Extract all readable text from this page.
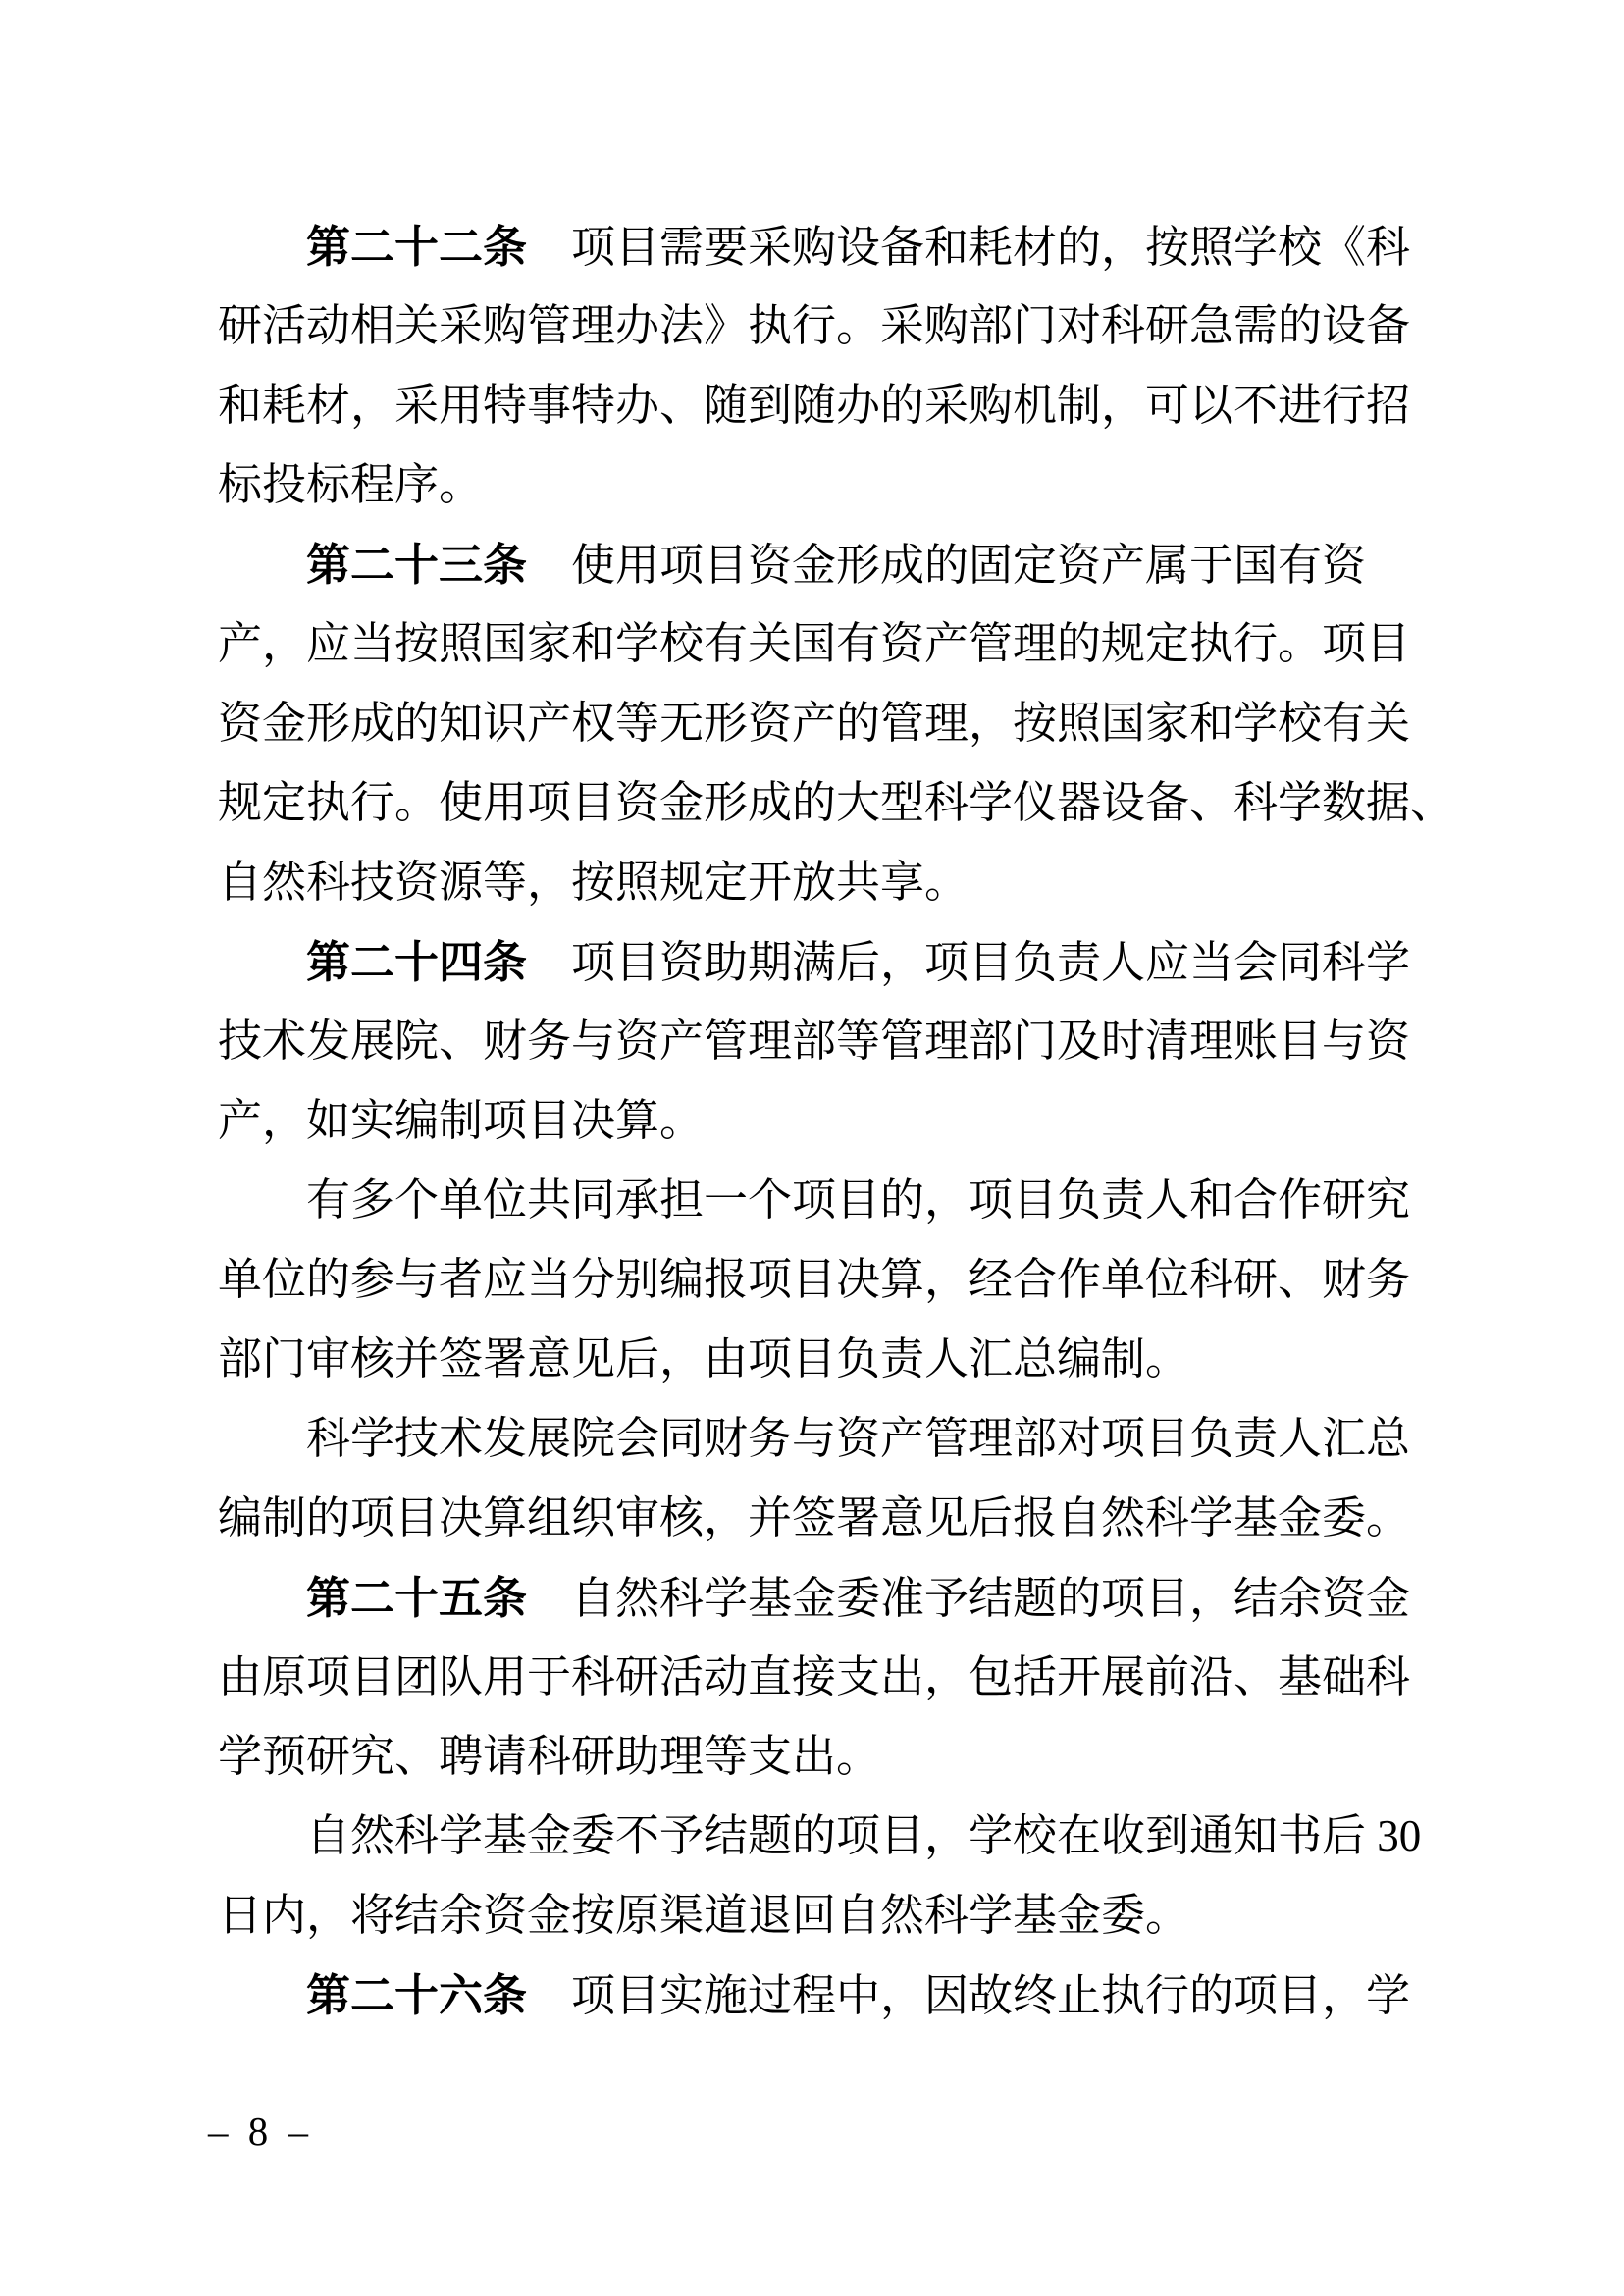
第二十二条 项目需要采购设备和耗材的，按照学校《科
研活动相关采购管理办法》执行。采购部门对科研急需的设备
和耗材，采用特事特办、随到随办的采购机制，可以不进行招
标投标程序。
第二十三条 使用项目资金形成的固定资产属于国有资
产，应当按照国家和学校有关国有资产管理的规定执行。项目
资金形成的知识产权等无形资产的管理，按照国家和学校有关
规定执行。使用项目资金形成的大型科学仪器设备、科学数据、
自然科技资源等，按照规定开放共享。
第二十四条 项目资助期满后，项目负责人应当会同科学
技术发展院、财务与资产管理部等管理部门及时清理账目与资
产，如实编制项目决算。
有多个单位共同承担一个项目的，项目负责人和合作研究
单位的参与者应当分别编报项目决算，经合作单位科研、财务
部门审核并签署意见后，由项目负责人汇总编制。
科学技术发展院会同财务与资产管理部对项目负责人汇总
编制的项目决算组织审核，并签署意见后报自然科学基金委。
第二十五条 自然科学基金委准予结题的项目，结余资金
由原项目团队用于科研活动直接支出，包括开展前沿、基础科
学预研究、聘请科研助理等支出。
自然科学基金委不予结题的项目，学校在收到通知书后 30
日内，将结余资金按原渠道退回自然科学基金委。
第二十六条 项目实施过程中，因故终止执行的项目，学
– 8 –
